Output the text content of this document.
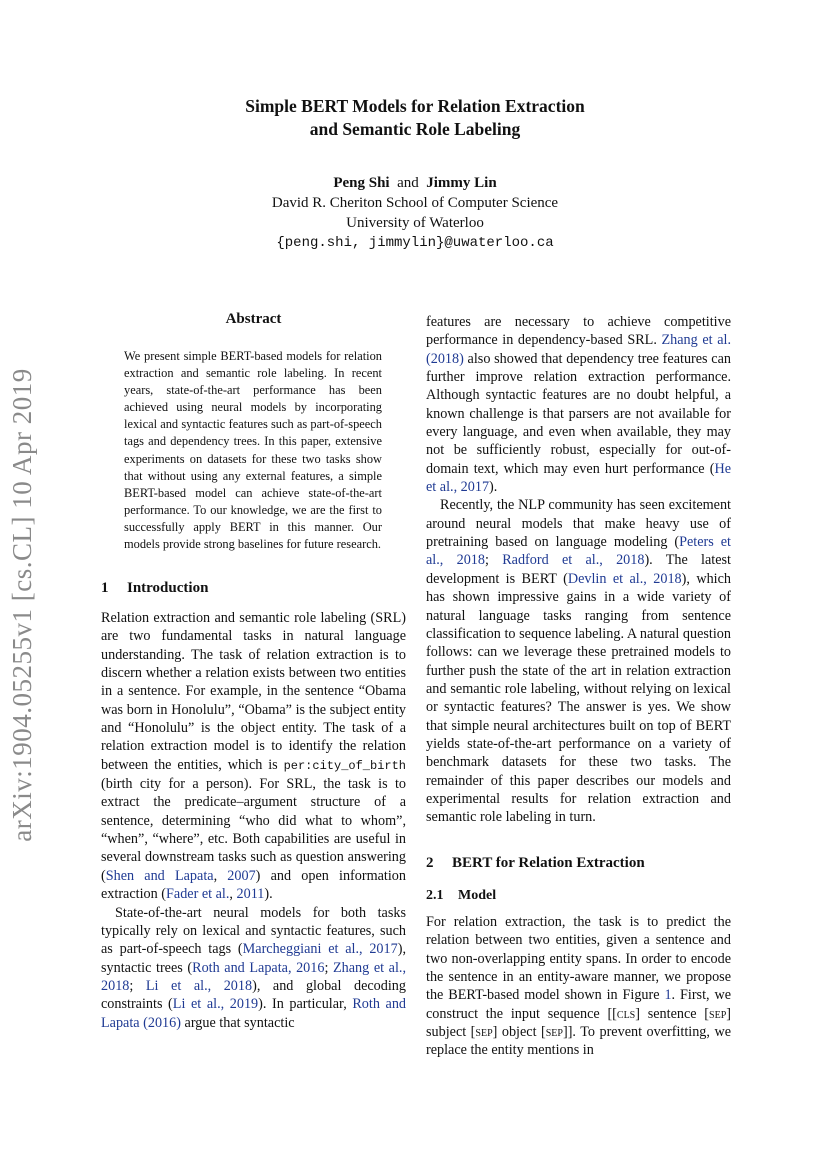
arXiv:1904.05255v1 [cs.CL] 10 Apr 2019
Simple BERT Models for Relation Extraction
and Semantic Role Labeling
Peng Shi and Jimmy Lin
David R. Cheriton School of Computer Science
University of Waterloo
{peng.shi, jimmylin}@uwaterloo.ca
Abstract
We present simple BERT-based models for relation extraction and semantic role labeling. In recent years, state-of-the-art performance has been achieved using neural models by incorporating lexical and syntactic features such as part-of-speech tags and dependency trees. In this paper, extensive experiments on datasets for these two tasks show that without using any external features, a simple BERT-based model can achieve state-of-the-art performance. To our knowledge, we are the first to successfully apply BERT in this manner. Our models provide strong baselines for future research.
1 Introduction

Relation extraction and semantic role labeling (SRL) are two fundamental tasks in natural language understanding. The task of relation extraction is to discern whether a relation exists between two entities in a sentence. For example, in the sentence “Obama was born in Honolulu”, “Obama” is the subject entity and “Honolulu” is the object entity. The task of a relation extraction model is to identify the relation between the entities, which is per:city_of_birth (birth city for a person). For SRL, the task is to extract the predicate–argument structure of a sentence, determining “who did what to whom”, “when”, “where”, etc. Both capabilities are useful in several downstream tasks such as question answering (Shen and Lapata, 2007) and open information extraction (Fader et al., 2011).

State-of-the-art neural models for both tasks typically rely on lexical and syntactic features, such as part-of-speech tags (Marcheggiani et al., 2017), syntactic trees (Roth and Lapata, 2016; Zhang et al., 2018; Li et al., 2018), and global decoding constraints (Li et al., 2019). In particular, Roth and Lapata (2016) argue that syntactic

features are necessary to achieve competitive performance in dependency-based SRL. Zhang et al. (2018) also showed that dependency tree features can further improve relation extraction performance. Although syntactic features are no doubt helpful, a known challenge is that parsers are not available for every language, and even when available, they may not be sufficiently robust, especially for out-of-domain text, which may even hurt performance (He et al., 2017).

Recently, the NLP community has seen excitement around neural models that make heavy use of pretraining based on language modeling (Peters et al., 2018; Radford et al., 2018). The latest development is BERT (Devlin et al., 2018), which has shown impressive gains in a wide variety of natural language tasks ranging from sentence classification to sequence labeling. A natural question follows: can we leverage these pretrained models to further push the state of the art in relation extraction and semantic role labeling, without relying on lexical or syntactic features? The answer is yes. We show that simple neural architectures built on top of BERT yields state-of-the-art performance on a variety of benchmark datasets for these two tasks. The remainder of this paper describes our models and experimental results for relation extraction and semantic role labeling in turn.

2 BERT for Relation Extraction
2.1 Model

For relation extraction, the task is to predict the relation between two entities, given a sentence and two non-overlapping entity spans. In order to encode the sentence in an entity-aware manner, we propose the BERT-based model shown in Figure 1. First, we construct the input sequence [[cls] sentence [sep] subject [sep] object [sep]]. To prevent overfitting, we replace the entity mentions in
